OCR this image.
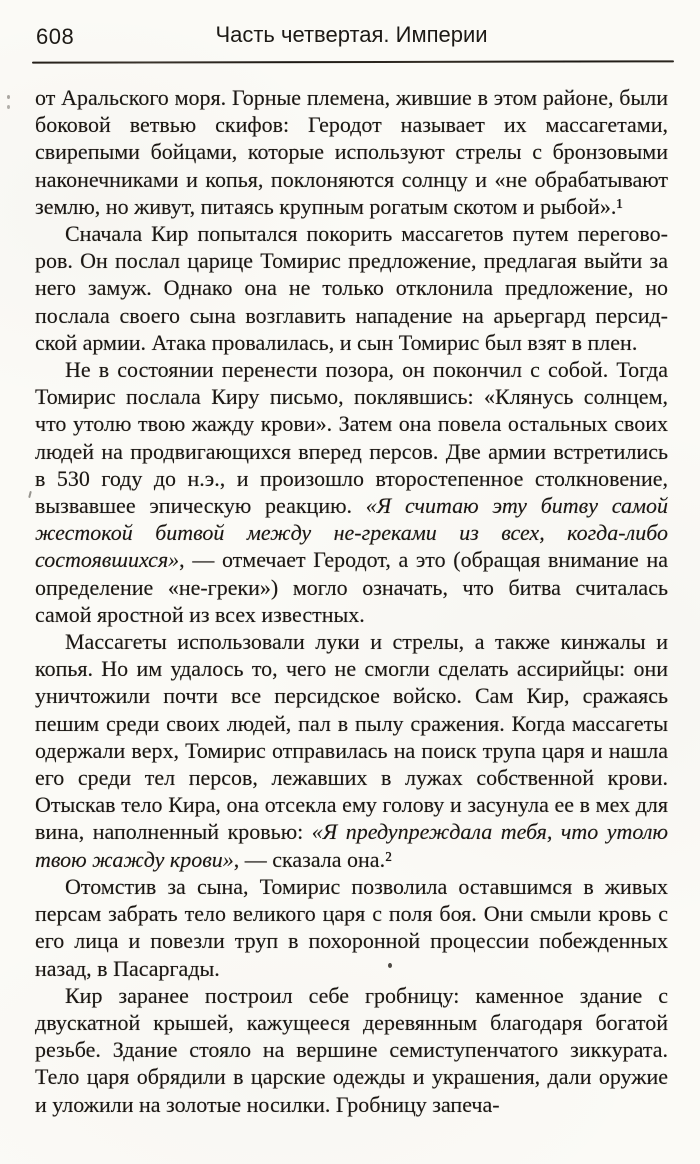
608	Часть четвертая. Империи

от Аральского моря. Горные племена, жившие в этом районе, были боковой ветвью скифов: Геродот называет их массагетами, свирепыми бойцами, которые используют стрелы с бронзовыми наконечниками и копья, поклоняются солнцу и «не обрабатывают землю, но живут, питаясь крупным рогатым скотом и рыбой».¹

Сначала Кир попытался покорить массагетов путем переговоров. Он послал царице Томирис предложение, предлагая выйти за него замуж. Однако она не только отклонила предложение, но послала своего сына возглавить нападение на арьергард персидской армии. Атака провалилась, и сын Томирис был взят в плен.

Не в состоянии перенести позора, он покончил с собой. Тогда Томирис послала Киру письмо, поклявшись: «Клянусь солнцем, что утолю твою жажду крови». Затем она повела остальных своих людей на продвигающихся вперед персов. Две армии встретились в 530 году до н.э., и произошло второстепенное столкновение, вызвавшее эпическую реакцию. «Я считаю эту битву самой жестокой битвой между не-греками из всех, когда-либо состоявшихся», — отмечает Геродот, а это (обращая внимание на определение «не-греки») могло означать, что битва считалась самой яростной из всех известных.

Массагеты использовали луки и стрелы, а также кинжалы и копья. Но им удалось то, чего не смогли сделать ассирийцы: они уничтожили почти все персидское войско. Сам Кир, сражаясь пешим среди своих людей, пал в пылу сражения. Когда массагеты одержали верх, Томирис отправилась на поиск трупа царя и нашла его среди тел персов, лежавших в лужах собственной крови. Отыскав тело Кира, она отсекла ему голову и засунула ее в мех для вина, наполненный кровью: «Я предупреждала тебя, что утолю твою жажду крови», — сказала она.²

Отомстив за сына, Томирис позволила оставшимся в живых персам забрать тело великого царя с поля боя. Они смыли кровь с его лица и повезли труп в похоронной процессии побежденных назад, в Пасаргады.

Кир заранее построил себе гробницу: каменное здание с двускатной крышей, кажущееся деревянным благодаря богатой резьбе. Здание стояло на вершине семиступенчатого зиккурата. Тело царя обрядили в царские одежды и украшения, дали оружие и уложили на золотые носилки. Гробницу запеча-
